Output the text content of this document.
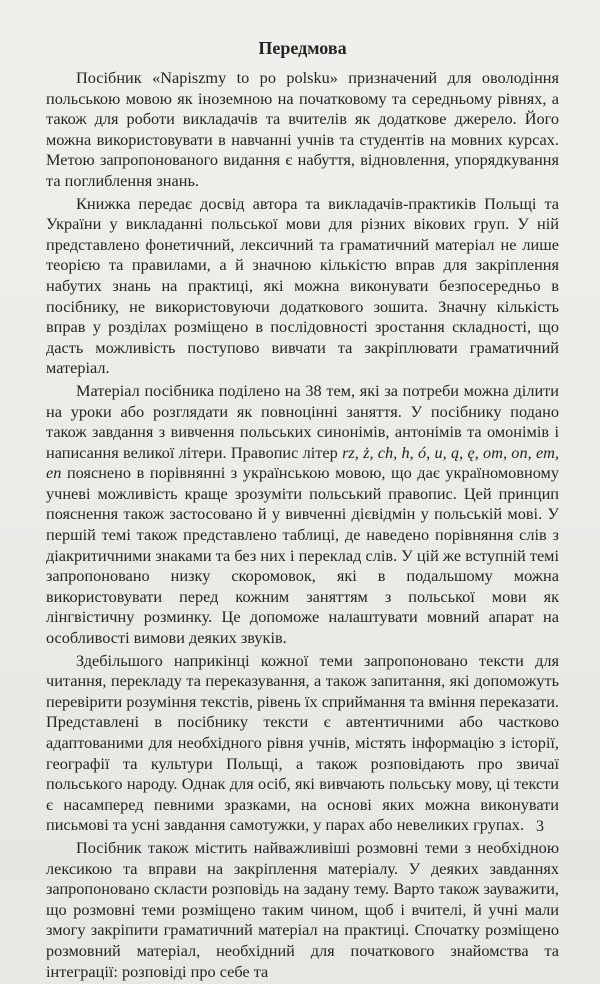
Передмова

Посібник «Napiszmy to po polsku» призначений для оволодіння польською мовою як іноземною на початковому та середньому рівнях, а також для роботи викладачів та вчителів як додаткове джерело. Його можна використовувати в навчанні учнів та студентів на мовних курсах. Метою запропонованого видання є набуття, відновлення, упорядкування та поглиблення знань.

Книжка передає досвід автора та викладачів-практиків Польщі та України у викладанні польської мови для різних вікових груп. У ній представлено фонетичний, лексичний та граматичний матеріал не лише теорією та правилами, а й значною кількістю вправ для закріплення набутих знань на практиці, які можна виконувати безпосередньо в посібнику, не використовуючи додаткового зошита. Значну кількість вправ у розділах розміщено в послідовності зростання складності, що дасть можливість поступово вивчати та закріплювати граматичний матеріал.

Матеріал посібника поділено на 38 тем, які за потреби можна ділити на уроки або розглядати як повноцінні заняття. У посібнику подано також завдання з вивчення польських синонімів, антонімів та омонімів і написання великої літери. Правопис літер rz, ż, ch, h, ó, u, ą, ę, om, on, em, en пояснено в порівнянні з українською мовою, що дає україномовному учневі можливість краще зрозуміти польський правопис. Цей принцип пояснення також застосовано й у вивченні дієвідмін у польській мові. У першій темі також представлено таблиці, де наведено порівняння слів з діакритичними знаками та без них і переклад слів. У цій же вступній темі запропоновано низку скоромовок, які в подальшому можна використовувати перед кожним заняттям з польської мови як лінгвістичну розминку. Це допоможе налаштувати мовний апарат на особливості вимови деяких звуків.

Здебільшого наприкінці кожної теми запропоновано тексти для читання, перекладу та переказування, а також запитання, які допоможуть перевірити розуміння текстів, рівень їх сприймання та вміння переказати. Представлені в посібнику тексти є автентичними або частково адаптованими для необхідного рівня учнів, містять інформацію з історії, географії та культури Польщі, а також розповідають про звичаї польського народу. Однак для осіб, які вивчають польську мову, ці тексти є насамперед певними зразками, на основі яких можна виконувати письмові та усні завдання самотужки, у парах або невеликих групах.

Посібник також містить найважливіші розмовні теми з необхідною лексикою та вправи на закріплення матеріалу. У деяких завданнях запропоновано скласти розповідь на задану тему. Варто також зауважити, що розмовні теми розміщено таким чином, щоб і вчителі, й учні мали змогу закріпити граматичний матеріал на практиці. Спочатку розміщено розмовний матеріал, необхідний для початкового знайомства та інтеграції: розповіді про себе та

3
